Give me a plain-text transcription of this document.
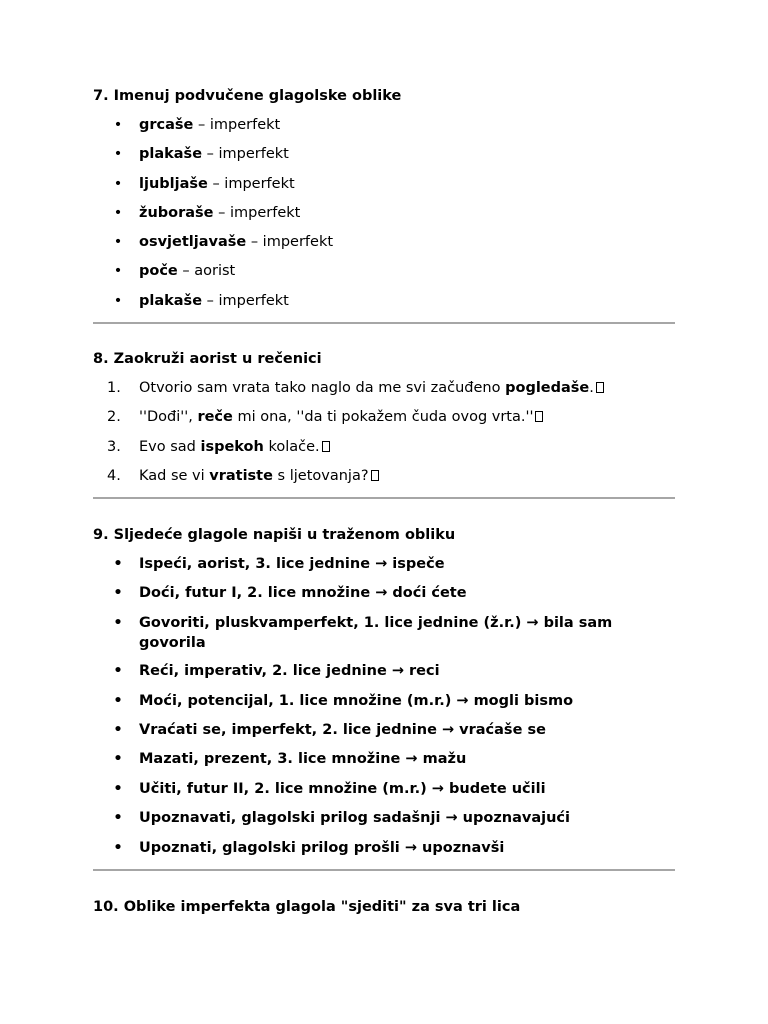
7. Imenuj podvučene glagolske oblike

• grcaše – imperfekt
• plakaše – imperfekt
• ljubljaše – imperfekt
• žuboraše – imperfekt
• osvjetljavaše – imperfekt
• poče – aorist
• plakaše – imperfekt

8. Zaokruži aorist u rečenici

1.	Otvorio sam vrata tako naglo da me svi začuđeno pogledaše.
2.	''Dođi'', reče mi ona, ''da ti pokažem čuda ovog vrta.''
3.	Evo sad ispekoh kolače.
4.	Kad se vi vratiste s ljetovanja?

9. Sljedeće glagole napiši u traženom obliku

• Ispeći, aorist, 3. lice jednine → ispeče
• Doći, futur I, 2. lice množine → doći ćete
• Govoriti, pluskvamperfekt, 1. lice jednine (ž.r.) → bila sam govorila
• Reći, imperativ, 2. lice jednine → reci
• Moći, potencijal, 1. lice množine (m.r.) → mogli bismo
• Vraćati se, imperfekt, 2. lice jednine → vraćaše se
• Mazati, prezent, 3. lice množine → mažu
• Učiti, futur II, 2. lice množine (m.r.) → budete učili
• Upoznavati, glagolski prilog sadašnji → upoznavajući
• Upoznati, glagolski prilog prošli → upoznavši

10. Oblike imperfekta glagola "sjediti" za sva tri lica
